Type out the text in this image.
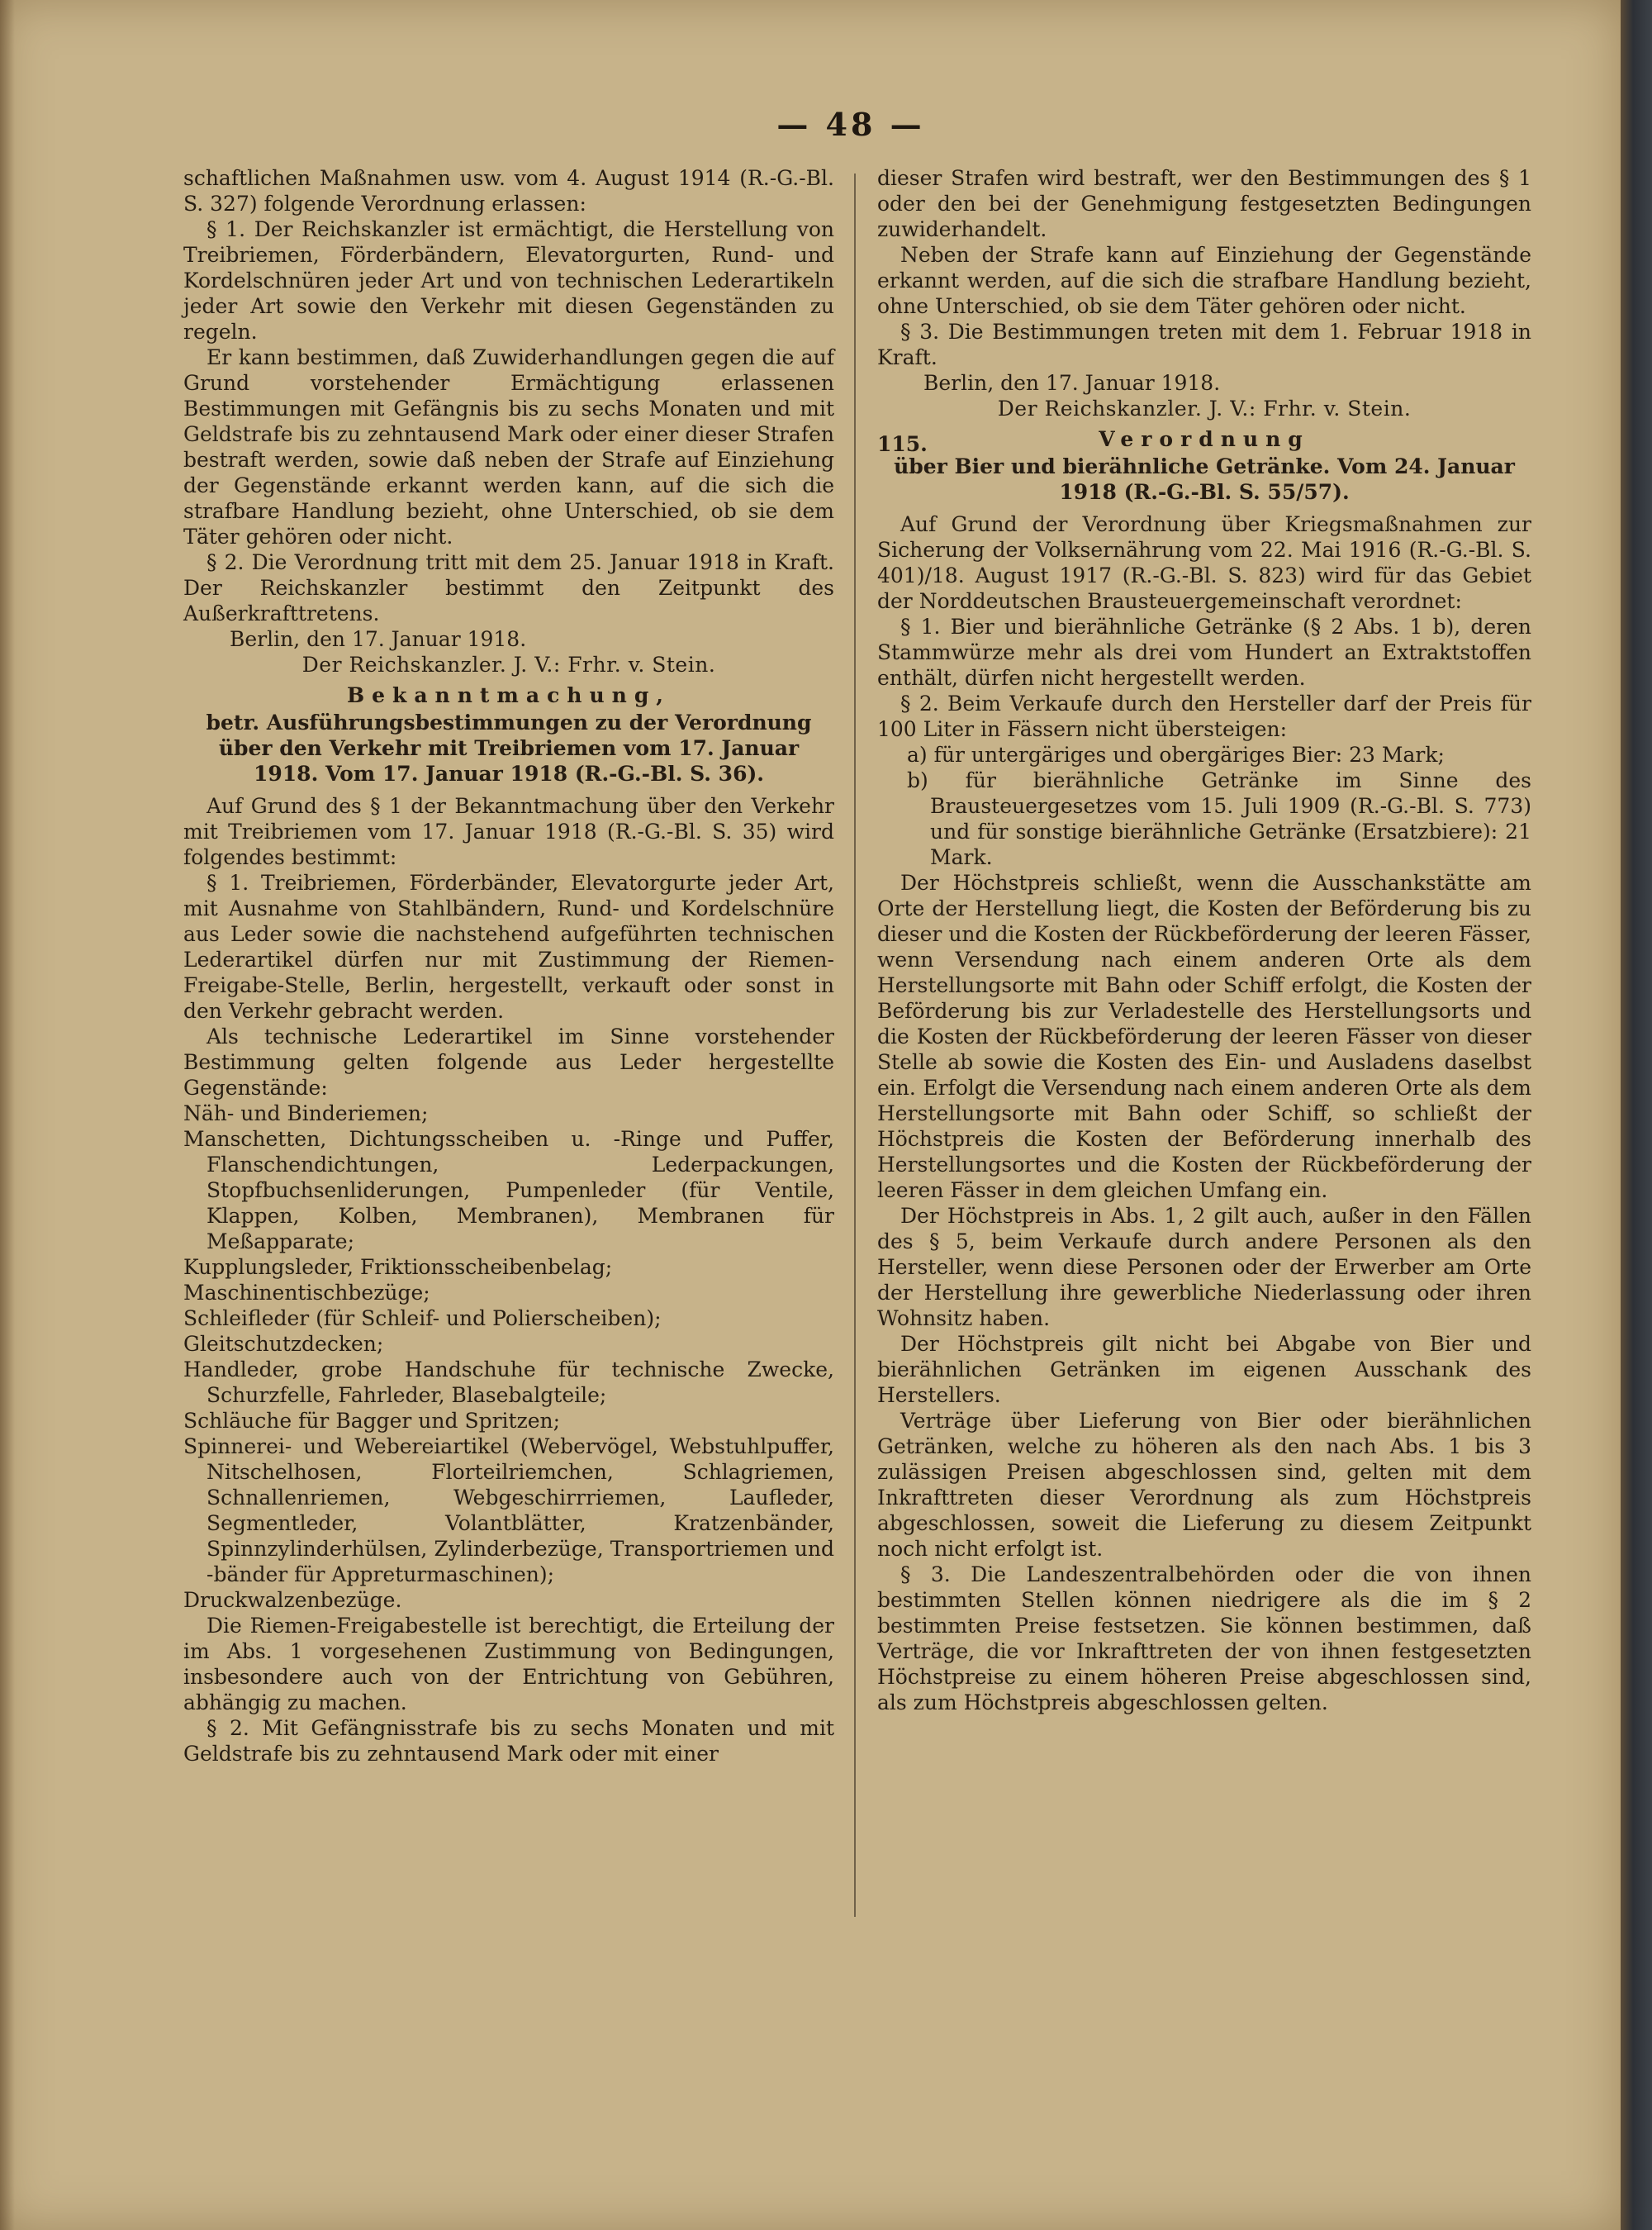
— 48 —

schaftlichen Maßnahmen usw. vom 4. August 1914 (R.-G.-Bl. S. 327) folgende Verordnung erlassen:

§ 1. Der Reichskanzler ist ermächtigt, die Herstellung von Treibriemen, Förderbändern, Elevatorgurten, Rund- und Kordelschnüren jeder Art und von technischen Lederartikeln jeder Art sowie den Verkehr mit diesen Gegenständen zu regeln.

Er kann bestimmen, daß Zuwiderhandlungen gegen die auf Grund vorstehender Ermächtigung erlassenen Bestimmungen mit Gefängnis bis zu sechs Monaten und mit Geldstrafe bis zu zehntausend Mark oder einer dieser Strafen bestraft werden, sowie daß neben der Strafe auf Einziehung der Gegenstände erkannt werden kann, auf die sich die strafbare Handlung bezieht, ohne Unterschied, ob sie dem Täter gehören oder nicht.

§ 2. Die Verordnung tritt mit dem 25. Januar 1918 in Kraft. Der Reichskanzler bestimmt den Zeitpunkt des Außerkrafttretens.

Berlin, den 17. Januar 1918.

Der Reichskanzler. J. V.: Frhr. v. Stein.

Bekanntmachung,

betr. Ausführungsbestimmungen zu der Verordnung über den Verkehr mit Treibriemen vom 17. Januar 1918. Vom 17. Januar 1918 (R.-G.-Bl. S. 36).

Auf Grund des § 1 der Bekanntmachung über den Verkehr mit Treibriemen vom 17. Januar 1918 (R.-G.-Bl. S. 35) wird folgendes bestimmt:

§ 1. Treibriemen, Förderbänder, Elevatorgurte jeder Art, mit Ausnahme von Stahlbändern, Rund- und Kordelschnüre aus Leder sowie die nachstehend aufgeführten technischen Lederartikel dürfen nur mit Zustimmung der Riemen-Freigabe-Stelle, Berlin, hergestellt, verkauft oder sonst in den Verkehr gebracht werden.

Als technische Lederartikel im Sinne vorstehender Bestimmung gelten folgende aus Leder hergestellte Gegenstände:

Näh- und Binderiemen;

Manschetten, Dichtungsscheiben u. -Ringe und Puffer, Flanschendichtungen, Lederpackungen, Stopfbuchsenliderungen, Pumpenleder (für Ventile, Klappen, Kolben, Membranen), Membranen für Meßapparate;

Kupplungsleder, Friktionsscheibenbelag;

Maschinentischbezüge;

Schleifleder (für Schleif- und Polierscheiben);

Gleitschutzdecken;

Handleder, grobe Handschuhe für technische Zwecke, Schurzfelle, Fahrleder, Blasebalgteile;

Schläuche für Bagger und Spritzen;

Spinnerei- und Webereiartikel (Webervögel, Webstuhlpuffer, Nitschelhosen, Florteilriemchen, Schlagriemen, Schnallenriemen, Webgeschirrriemen, Laufleder, Segmentleder, Volantblätter, Kratzenbänder, Spinnzylinderhülsen, Zylinderbezüge, Transportriemen und -bänder für Appreturmaschinen);

Druckwalzenbezüge.

Die Riemen-Freigabestelle ist berechtigt, die Erteilung der im Abs. 1 vorgesehenen Zustimmung von Bedingungen, insbesondere auch von der Entrichtung von Gebühren, abhängig zu machen.

§ 2. Mit Gefängnisstrafe bis zu sechs Monaten und mit Geldstrafe bis zu zehntausend Mark oder mit einer

dieser Strafen wird bestraft, wer den Bestimmungen des § 1 oder den bei der Genehmigung festgesetzten Bedingungen zuwiderhandelt.

Neben der Strafe kann auf Einziehung der Gegenstände erkannt werden, auf die sich die strafbare Handlung bezieht, ohne Unterschied, ob sie dem Täter gehören oder nicht.

§ 3. Die Bestimmungen treten mit dem 1. Februar 1918 in Kraft.

Berlin, den 17. Januar 1918.

Der Reichskanzler. J. V.: Frhr. v. Stein.

115.	Verordnung

über Bier und bierähnliche Getränke. Vom 24. Januar 1918 (R.-G.-Bl. S. 55/57).

Auf Grund der Verordnung über Kriegsmaßnahmen zur Sicherung der Volksernährung vom 22. Mai 1916 (R.-G.-Bl. S. 401)/18. August 1917 (R.-G.-Bl. S. 823) wird für das Gebiet der Norddeutschen Brausteuergemeinschaft verordnet:

§ 1. Bier und bierähnliche Getränke (§ 2 Abs. 1 b), deren Stammwürze mehr als drei vom Hundert an Extraktstoffen enthält, dürfen nicht hergestellt werden.

§ 2. Beim Verkaufe durch den Hersteller darf der Preis für 100 Liter in Fässern nicht übersteigen:

a) für untergäriges und obergäriges Bier: 23 Mark;

b) für bierähnliche Getränke im Sinne des Brausteuergesetzes vom 15. Juli 1909 (R.-G.-Bl. S. 773) und für sonstige bierähnliche Getränke (Ersatzbiere): 21 Mark.

Der Höchstpreis schließt, wenn die Ausschankstätte am Orte der Herstellung liegt, die Kosten der Beförderung bis zu dieser und die Kosten der Rückbeförderung der leeren Fässer, wenn Versendung nach einem anderen Orte als dem Herstellungsorte mit Bahn oder Schiff erfolgt, die Kosten der Beförderung bis zur Verladestelle des Herstellungsorts und die Kosten der Rückbeförderung der leeren Fässer von dieser Stelle ab sowie die Kosten des Ein- und Ausladens daselbst ein. Erfolgt die Versendung nach einem anderen Orte als dem Herstellungsorte mit Bahn oder Schiff, so schließt der Höchstpreis die Kosten der Beförderung innerhalb des Herstellungsortes und die Kosten der Rückbeförderung der leeren Fässer in dem gleichen Umfang ein.

Der Höchstpreis in Abs. 1, 2 gilt auch, außer in den Fällen des § 5, beim Verkaufe durch andere Personen als den Hersteller, wenn diese Personen oder der Erwerber am Orte der Herstellung ihre gewerbliche Niederlassung oder ihren Wohnsitz haben.

Der Höchstpreis gilt nicht bei Abgabe von Bier und bierähnlichen Getränken im eigenen Ausschank des Herstellers.

Verträge über Lieferung von Bier oder bierähnlichen Getränken, welche zu höheren als den nach Abs. 1 bis 3 zulässigen Preisen abgeschlossen sind, gelten mit dem Inkrafttreten dieser Verordnung als zum Höchstpreis abgeschlossen, soweit die Lieferung zu diesem Zeitpunkt noch nicht erfolgt ist.

§ 3. Die Landeszentralbehörden oder die von ihnen bestimmten Stellen können niedrigere als die im § 2 bestimmten Preise festsetzen. Sie können bestimmen, daß Verträge, die vor Inkrafttreten der von ihnen festgesetzten Höchstpreise zu einem höheren Preise abgeschlossen sind, als zum Höchstpreis abgeschlossen gelten.
